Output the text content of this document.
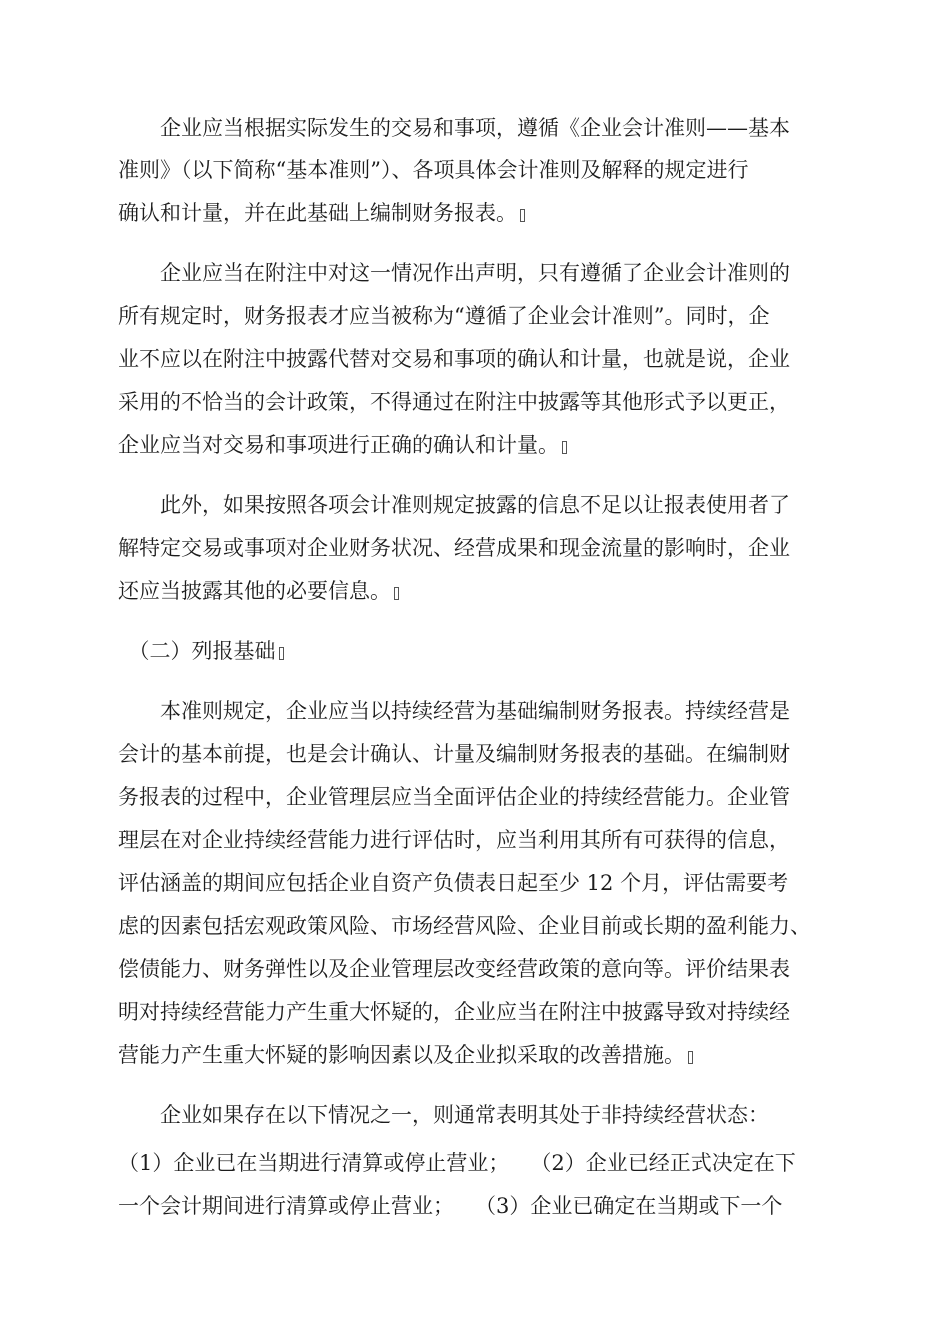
　　企业应当根据实际发生的交易和事项，遵循《企业会计准则——基本
准则》（以下简称“基本准则”）、各项具体会计准则及解释的规定进行
确认和计量，并在此基础上编制财务报表。
　　企业应当在附注中对这一情况作出声明，只有遵循了企业会计准则的
所有规定时，财务报表才应当被称为“遵循了企业会计准则”。同时，企
业不应以在附注中披露代替对交易和事项的确认和计量，也就是说，企业
采用的不恰当的会计政策，不得通过在附注中披露等其他形式予以更正，
企业应当对交易和事项进行正确的确认和计量。
　　此外，如果按照各项会计准则规定披露的信息不足以让报表使用者了
解特定交易或事项对企业财务状况、经营成果和现金流量的影响时，企业
还应当披露其他的必要信息。
　（二）列报基础
　　本准则规定，企业应当以持续经营为基础编制财务报表。持续经营是
会计的基本前提，也是会计确认、计量及编制财务报表的基础。在编制财
务报表的过程中，企业管理层应当全面评估企业的持续经营能力。企业管
理层在对企业持续经营能力进行评估时，应当利用其所有可获得的信息，
评估涵盖的期间应包括企业自资产负债表日起至少 12 个月，评估需要考
虑的因素包括宏观政策风险、市场经营风险、企业目前或长期的盈利能力、
偿债能力、财务弹性以及企业管理层改变经营政策的意向等。评价结果表
明对持续经营能力产生重大怀疑的，企业应当在附注中披露导致对持续经
营能力产生重大怀疑的影响因素以及企业拟采取的改善措施。
　　企业如果存在以下情况之一，则通常表明其处于非持续经营状态：
（1）企业已在当期进行清算或停止营业；　　（2）企业已经正式决定在下
一个会计期间进行清算或停止营业；　　（3）企业已确定在当期或下一个
